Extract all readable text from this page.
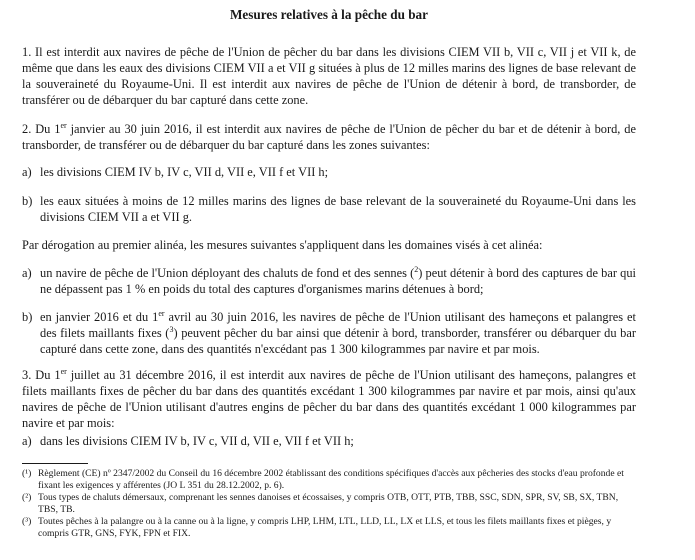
Mesures relatives à la pêche du bar
1. Il est interdit aux navires de pêche de l'Union de pêcher du bar dans les divisions CIEM VII b, VII c, VII j et VII k, de même que dans les eaux des divisions CIEM VII a et VII g situées à plus de 12 milles marins des lignes de base relevant de la souveraineté du Royaume-Uni. Il est interdit aux navires de pêche de l'Union de détenir à bord, de transborder, de transférer ou de débarquer du bar capturé dans cette zone.
2. Du 1er janvier au 30 juin 2016, il est interdit aux navires de pêche de l'Union de pêcher du bar et de détenir à bord, de transborder, de transférer ou de débarquer du bar capturé dans les zones suivantes:
a) les divisions CIEM IV b, IV c, VII d, VII e, VII f et VII h;
b) les eaux situées à moins de 12 milles marins des lignes de base relevant de la souveraineté du Royaume-Uni dans les divisions CIEM VII a et VII g.
Par dérogation au premier alinéa, les mesures suivantes s'appliquent dans les domaines visés à cet alinéa:
a) un navire de pêche de l'Union déployant des chaluts de fond et des sennes ($^2$) peut détenir à bord des captures de bar qui ne dépassent pas 1 % en poids du total des captures d'organismes marins détenues à bord;
b) en janvier 2016 et du 1er avril au 30 juin 2016, les navires de pêche de l'Union utilisant des hameçons et palangres et des filets maillants fixes ($^3$) peuvent pêcher du bar ainsi que détenir à bord, transborder, transférer ou débarquer du bar capturé dans cette zone, dans des quantités n'excédant pas 1 300 kilogrammes par navire et par mois.
3. Du 1er juillet au 31 décembre 2016, il est interdit aux navires de pêche de l'Union utilisant des hameçons, palangres et filets maillants fixes de pêcher du bar dans des quantités excédant 1 300 kilogrammes par navire et par mois, ainsi qu'aux navires de pêche de l'Union utilisant d'autres engins de pêcher du bar dans des quantités excédant 1 000 kilogrammes par navire et par mois:
a) dans les divisions CIEM IV b, IV c, VII d, VII e, VII f et VII h;
(¹) Règlement (CE) nº 2347/2002 du Conseil du 16 décembre 2002 établissant des conditions spécifiques d'accès aux pêcheries des stocks d'eau profonde et fixant les exigences y afférentes (JO L 351 du 28.12.2002, p. 6).
(²) Tous types de chaluts démersaux, comprenant les sennes danoises et écossaises, y compris OTB, OTT, PTB, TBB, SSC, SDN, SPR, SV, SB, SX, TBN, TBS, TB.
(³) Toutes pêches à la palangre ou à la canne ou à la ligne, y compris LHP, LHM, LTL, LLD, LL, LX et LLS, et tous les filets maillants fixes et pièges, y compris GTR, GNS, FYK, FPN et FIX.
